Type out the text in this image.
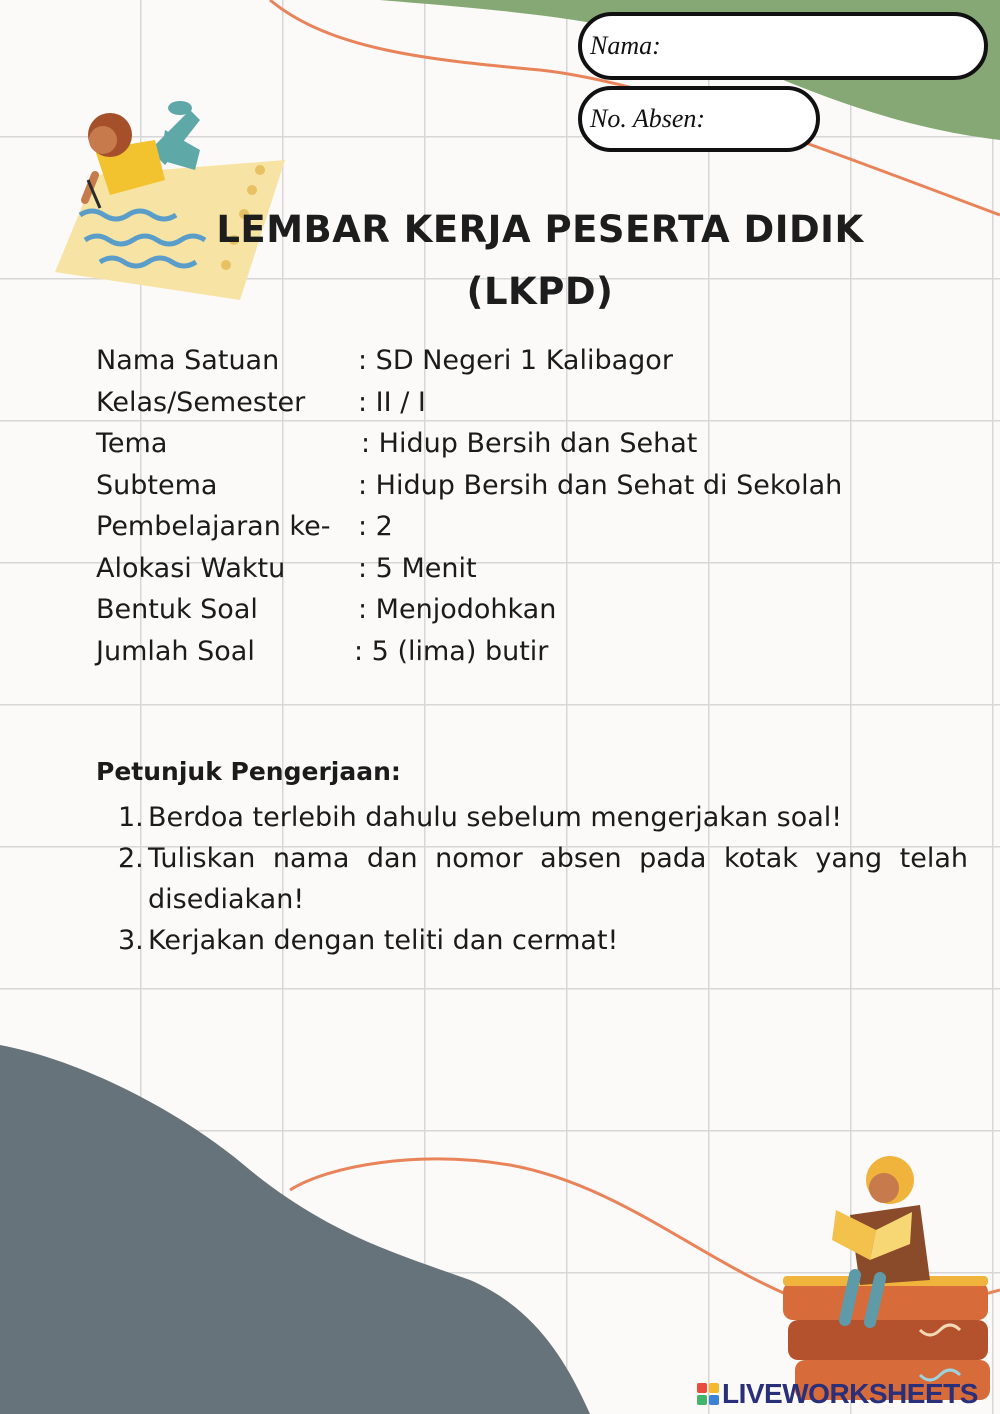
Nama:
No. Absen:
LEMBAR KERJA PESERTA DIDIK
(LKPD)
Nama Satuan	: SD Negeri 1 Kalibagor
Kelas/Semester : II / I
Tema	: Hidup Bersih dan Sehat
Subtema	: Hidup Bersih dan Sehat di Sekolah
Pembelajaran ke- : 2
Alokasi Waktu	: 5 Menit
Bentuk Soal	: Menjodohkan
Jumlah Soal	: 5 (lima) butir
Petunjuk Pengerjaan:
1. Berdoa terlebih dahulu sebelum mengerjakan soal!
2. Tuliskan nama dan nomor absen pada kotak yang telah
disediakan!
3. Kerjakan dengan teliti dan cermat!
LIVEWORKSHEETS
